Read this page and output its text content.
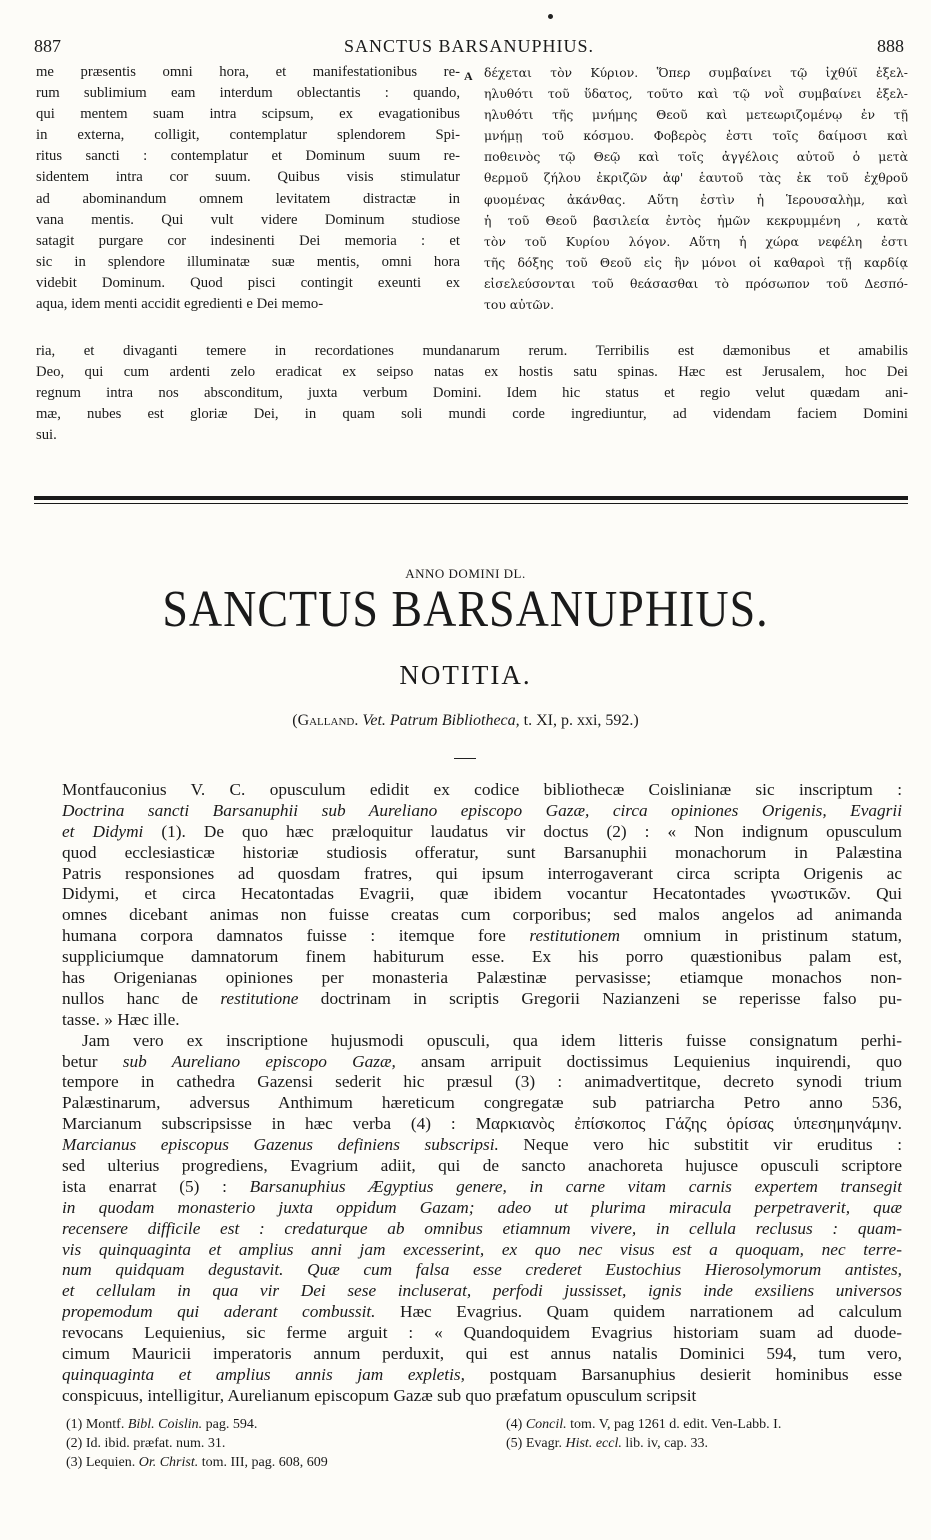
887	SANCTUS BARSANUPHIUS.	888
me præsentis omni hora, et manifestationibus re-
rum sublimium eam interdum oblectantis : quando,
qui mentem suam intra scipsum, ex evagationibus
in externa, colligit, contemplatur splendorem Spi-
ritus sancti : contemplatur et Dominum suum re-
sidentem intra cor suum. Quibus visis stimulatur
ad abominandum omnem levitatem distractæ in
vana mentis. Qui vult videre Dominum studiose
satagit purgare cor indesinenti Dei memoria : et
sic in splendore illuminatæ suæ mentis, omni hora
videbit Dominum. Quod pisci contingit exeunti ex
aqua, idem menti accidit egredienti e Dei memo-
A δέχεται τὸν Κύριον. Ὅπερ συμβαίνει τῷ ἰχθύϊ ἐξελ-
ηλυθότι τοῦ ὕδατος, τοῦτο καὶ τῷ νοῒ συμβαίνει ἐξελ-
ηλυθότι τῆς μνήμης Θεοῦ καὶ μετεωριζομένῳ ἐν τῇ
μνήμῃ τοῦ κόσμου. Φοβερὸς ἐστι τοῖς δαίμοσι καὶ
ποθεινὸς τῷ Θεῷ καὶ τοῖς ἀγγέλοις αὐτοῦ ὁ μετὰ
θερμοῦ ζήλου ἐκριζῶν ἀφ' ἑαυτοῦ τὰς ἐκ τοῦ ἐχθροῦ
φυομένας ἀκάνθας. Αὕτη ἐστὶν ἡ Ἱερουσαλὴμ, καὶ
ἡ τοῦ Θεοῦ βασιλεία ἐντὸς ἡμῶν κεκρυμμένη , κατὰ
τὸν τοῦ Κυρίου λόγον. Αὕτη ἡ χώρα νεφέλη ἐστι
τῆς δόξης τοῦ Θεοῦ εἰς ἣν μόνοι οἱ καθαροὶ τῇ καρδίᾳ
εἰσελεύσονται τοῦ θεάσασθαι τὸ πρόσωπον τοῦ Δεσπό-
του αὐτῶν.
ria, et divaganti temere in recordationes mundanarum rerum. Terribilis est dæmonibus et amabilis
Deo, qui cum ardenti zelo eradicat ex seipso natas ex hostis satu spinas. Hæc est Jerusalem, hoc Dei
regnum intra nos absconditum, juxta verbum Domini. Idem hic status et regio velut quædam ani-
mæ, nubes est gloriæ Dei, in quam soli mundi corde ingrediuntur, ad videndam faciem Domini
sui.
ANNO DOMINI DL.
SANCTUS BARSANUPHIUS.
NOTITIA.
(Galland. Vet. Patrum Bibliotheca, t. XI, p. xxi, 592.)
Montfauconius V. C. opusculum edidit ex codice bibliothecæ Coislinianæ sic inscriptum :
Doctrina sancti Barsanuphii sub Aureliano episcopo Gazæ, circa opiniones Origenis, Evagrii
et Didymi (1). De quo hæc præloquitur laudatus vir doctus (2) : « Non indignum opusculum
quod ecclesiasticæ historiæ studiosis offeratur, sunt Barsanuphii monachorum in Palæstina
Patris responsiones ad quosdam fratres, qui ipsum interrogaverant circa scripta Origenis ac
Didymi, et circa Hecatontadas Evagrii, quæ ibidem vocantur Hecatontades γνωστικῶν. Qui
omnes dicebant animas non fuisse creatas cum corporibus; sed malos angelos ad animanda
humana corpora damnatos fuisse : itemque fore restitutionem omnium in pristinum statum,
suppliciumque damnatorum finem habiturum esse. Ex his porro quæstionibus palam est,
has Origenianas opiniones per monasteria Palæstinæ pervasisse; etiamque monachos non-
nullos hanc de restitutione doctrinam in scriptis Gregorii Nazianzeni se reperisse falso pu-
tasse. » Hæc ille.
Jam vero ex inscriptione hujusmodi opusculi, qua idem litteris fuisse consignatum perhi-
betur sub Aureliano episcopo Gazæ, ansam arripuit doctissimus Lequienius inquirendi, quo
tempore in cathedra Gazensi sederit hic præsul (3) : animadvertitque, decreto synodi trium
Palæstinarum, adversus Anthimum hæreticum congregatæ sub patriarcha Petro anno 536,
Marcianum subscripsisse in hæc verba (4) : Μαρκιανὸς ἐπίσκοπος Γάζης ὁρίσας ὑπεσημηνάμην.
Marcianus episcopus Gazenus definiens subscripsi. Neque vero hic substitit vir eruditus :
sed ulterius progrediens, Evagrium adiit, qui de sancto anachoreta hujusce opusculi scriptore
ista enarrat (5) : Barsanuphius Ægyptius genere, in carne vitam carnis expertem transegit
in quodam monasterio juxta oppidum Gazam; adeo ut plurima miracula perpetraverit, quæ
recensere difficile est : credaturque ab omnibus etiamnum vivere, in cellula reclusus : quam-
vis quinquaginta et amplius anni jam excesserint, ex quo nec visus est a quoquam, nec terre-
num quidquam degustavit. Quæ cum falsa esse crederet Eustochius Hierosolymorum antistes,
et cellulam in qua vir Dei sese incluserat, perfodi jussisset, ignis inde exsiliens universos
propemodum qui aderant combussit. Hæc Evagrius. Quam quidem narrationem ad calculum
revocans Lequienius, sic ferme arguit : « Quandoquidem Evagrius historiam suam ad duode-
cimum Mauricii imperatoris annum perduxit, qui est annus natalis Dominici 594, tum vero,
quinquaginta et amplius annis jam expletis, postquam Barsanuphius desierit hominibus esse
conspicuus, intelligitur, Aurelianum episcopum Gazæ sub quo præfatum opusculum scripsit
(1) Montf. Bibl. Coislin. pag. 594.
(2) Id. ibid. præfat. num. 31.
(3) Lequien. Or. Christ. tom. III, pag. 608, 609
(4) Concil. tom. V, pag 1261 d. edit. Ven-Labb. I.
(5) Evagr. Hist. eccl. lib. iv, cap. 33.
